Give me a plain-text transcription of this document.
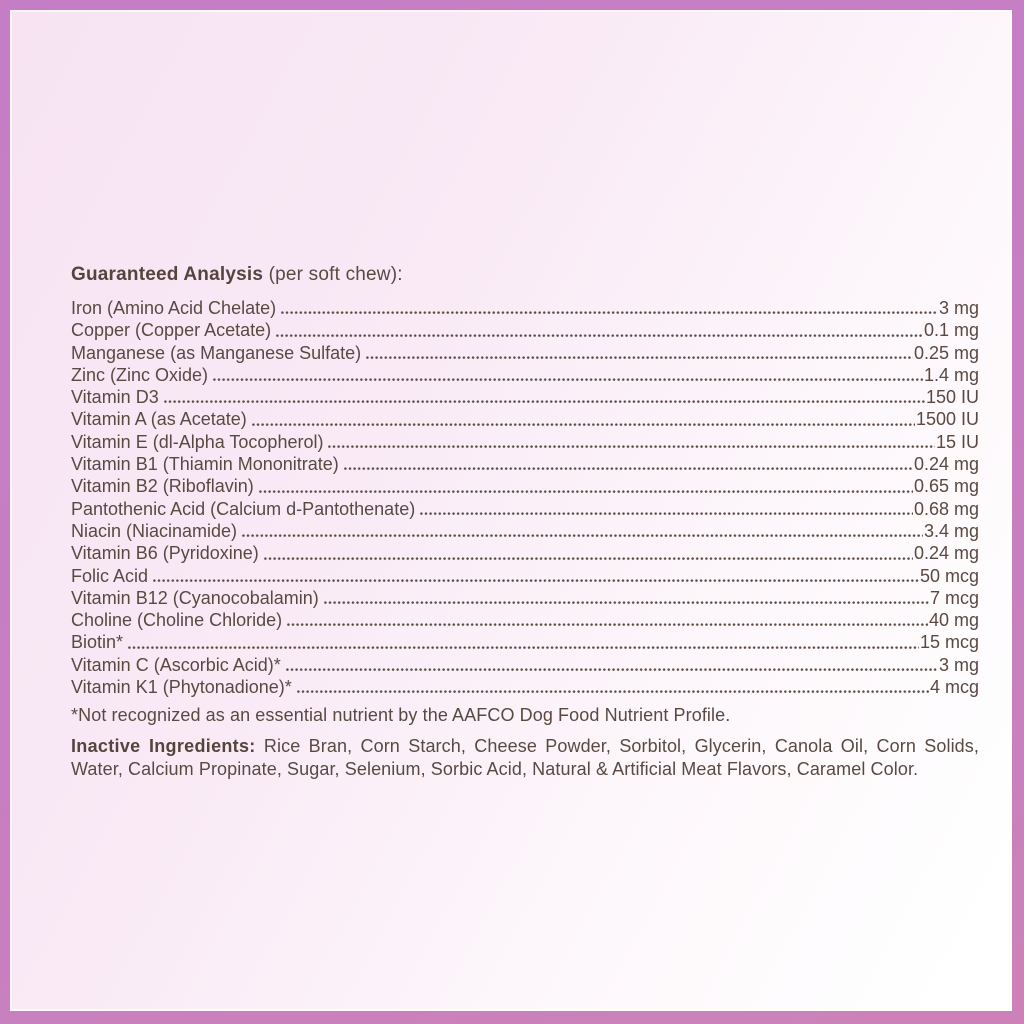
Guaranteed Analysis (per soft chew):
Iron (Amino Acid Chelate)	3 mg
Copper (Copper Acetate)	0.1 mg
Manganese (as Manganese Sulfate)	0.25 mg
Zinc (Zinc Oxide)	1.4 mg
Vitamin D3	150 IU
Vitamin A (as Acetate)	1500 IU
Vitamin E (dl-Alpha Tocopherol)	15 IU
Vitamin B1 (Thiamin Mononitrate)	0.24 mg
Vitamin B2 (Riboflavin)	0.65 mg
Pantothenic Acid (Calcium d-Pantothenate)	0.68 mg
Niacin (Niacinamide)	3.4 mg
Vitamin B6 (Pyridoxine)	0.24 mg
Folic Acid	50 mcg
Vitamin B12 (Cyanocobalamin)	7 mcg
Choline (Choline Chloride)	40 mg
Biotin*	15 mcg
Vitamin C (Ascorbic Acid)*	3 mg
Vitamin K1 (Phytonadione)*	4 mcg
*Not recognized as an essential nutrient by the AAFCO Dog Food Nutrient Profile.
Inactive Ingredients: Rice Bran, Corn Starch, Cheese Powder, Sorbitol, Glycerin, Canola Oil, Corn Solids, Water, Calcium Propinate, Sugar, Selenium, Sorbic Acid, Natural & Artificial Meat Flavors, Caramel Color.
